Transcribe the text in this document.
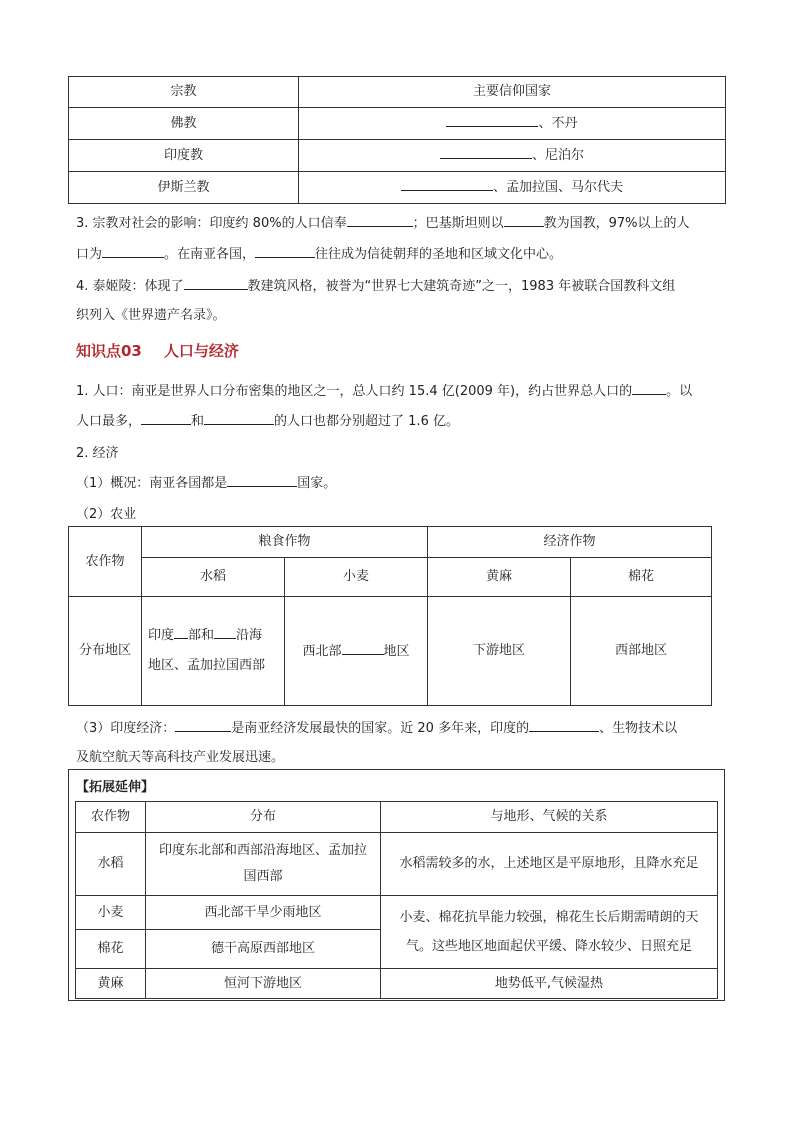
宗教	主要信仰国家
佛教	、不丹
印度教	、尼泊尔
伊斯兰教	、孟加拉国、马尔代夫
3. 宗教对社会的影响：印度约 80%的人口信奉	；巴基斯坦则以	教为国教，97%以上的人
口为	。在南亚各国，	往往成为信徒朝拜的圣地和区域文化中心。
4. 泰姬陵：体现了	教建筑风格，被誉为“世界七大建筑奇迹”之一，1983 年被联合国教科文组
织列入《世界遗产名录》。
知识点03 人口与经济
1. 人口：南亚是世界人口分布密集的地区之一，总人口约 15.4 亿(2009 年)，约占世界总人口的	。以
人口最多，	和	的人口也都分别超过了 1.6 亿。
2. 经济
（1）概况：南亚各国都是	国家。
（2）农业
农作物	粮食作物		经济作物	
	水稻	小麦	黄麻	棉花
分布地区	印度 部和 沿海
地区、孟加拉国西部	西北部 地区	下游地区	西部地区
（3）印度经济：	是南亚经济发展最快的国家。近 20 多年来，印度的	、生物技术以
及航空航天等高科技产业发展迅速。
【拓展延伸】
农作物	分布	与地形、气候的关系
水稻	印度东北部和西部沿海地区、孟加拉
国西部	水稻需较多的水，上述地区是平原地形，且降水充足
小麦	西北部干旱少雨地区	小麦、棉花抗旱能力较强，棉花生长后期需晴朗的天
气。这些地区地面起伏平缓、降水较少、日照充足
棉花	德干高原西部地区	
黄麻	恒河下游地区	地势低平,气候湿热
